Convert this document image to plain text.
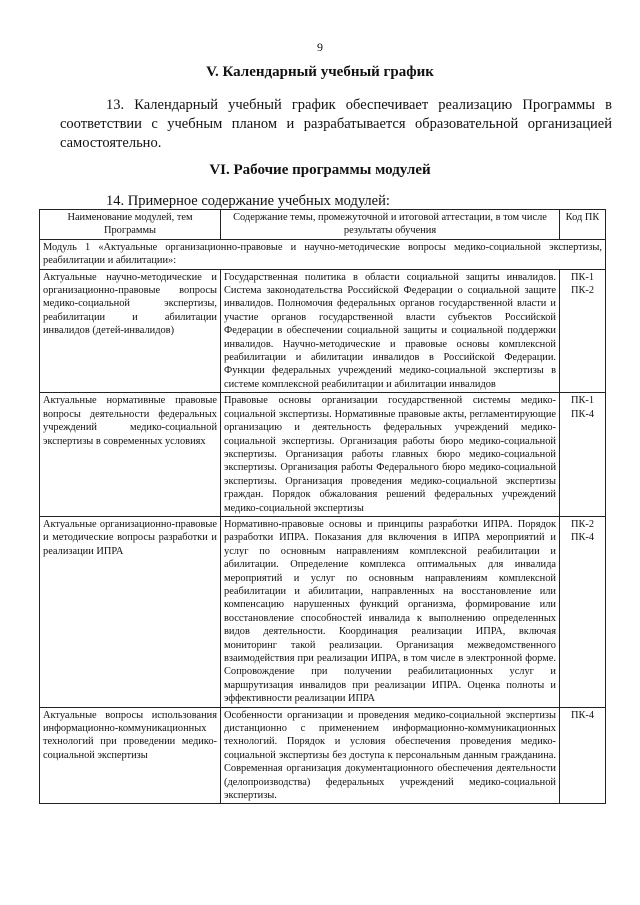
9
V. Календарный учебный график
13. Календарный учебный график обеспечивает реализацию Программы в соответствии с учебным планом и разрабатывается образовательной организацией самостоятельно.
VI. Рабочие программы модулей
14. Примерное содержание учебных модулей:
Наименование модулей, тем Программы	Содержание темы, промежуточной и итоговой аттестации, в том числе результаты обучения	Код ПК
Модуль 1 «Актуальные организационно-правовые и научно-методические вопросы медико-социальной экспертизы, реабилитации и абилитации»:		
Актуальные научно-методические и организационно-правовые вопросы медико-социальной экспертизы, реабилитации и абилитации инвалидов (детей-инвалидов)	Государственная политика в области социальной защиты инвалидов. Система законодательства Российской Федерации о социальной защите инвалидов. Полномочия федеральных органов государственной власти и участие органов государственной власти субъектов Российской Федерации в обеспечении социальной защиты и социальной поддержки инвалидов. Научно-методические и правовые основы комплексной реабилитации и абилитации инвалидов в Российской Федерации. Функции федеральных учреждений медико-социальной экспертизы в системе комплексной реабилитации и абилитации инвалидов	ПК-1
ПК-2

Актуальные нормативные правовые вопросы деятельности федеральных учреждений медико-социальной экспертизы в современных условиях	Правовые основы организации государственной системы медико-социальной экспертизы. Нормативные правовые акты, регламентирующие организацию и деятельность федеральных учреждений медико-социальной экспертизы. Организация работы бюро медико-социальной экспертизы. Организация работы главных бюро медико-социальной экспертизы. Организация работы Федерального бюро медико-социальной экспертизы. Организация проведения медико-социальной экспертизы граждан. Порядок обжалования решений федеральных учреждений медико-социальной экспертизы	ПК-1
ПК-4

Актуальные организационно-правовые и методические вопросы разработки и реализации ИПРА	Нормативно-правовые основы и принципы разработки ИПРА. Порядок разработки ИПРА. Показания для включения в ИПРА мероприятий и услуг по основным направлениям комплексной реабилитации и абилитации. Определение комплекса оптимальных для инвалида мероприятий и услуг по основным направлениям комплексной реабилитации и абилитации, направленных на восстановление или компенсацию нарушенных функций организма, формирование или восстановление способностей инвалида к выполнению определенных видов деятельности. Координация реализации ИПРА, включая мониторинг такой реализации. Организация межведомственного взаимодействия при реализации ИПРА, в том числе в электронной форме. Сопровождение при получении реабилитационных услуг и маршрутизация инвалидов при реализации ИПРА. Оценка полноты и эффективности реализации ИПРА	ПК-2
ПК-4

Актуальные вопросы использования информационно-коммуникационных технологий при проведении медико-социальной экспертизы	Особенности организации и проведения медико-социальной экспертизы дистанционно с применением информационно-коммуникационных технологий. Порядок и условия обеспечения проведения медико-социальной экспертизы без доступа к персональным данным гражданина. Современная организация документационного обеспечения деятельности (делопроизводства) федеральных учреждений медико-социальной экспертизы.	ПК-4
